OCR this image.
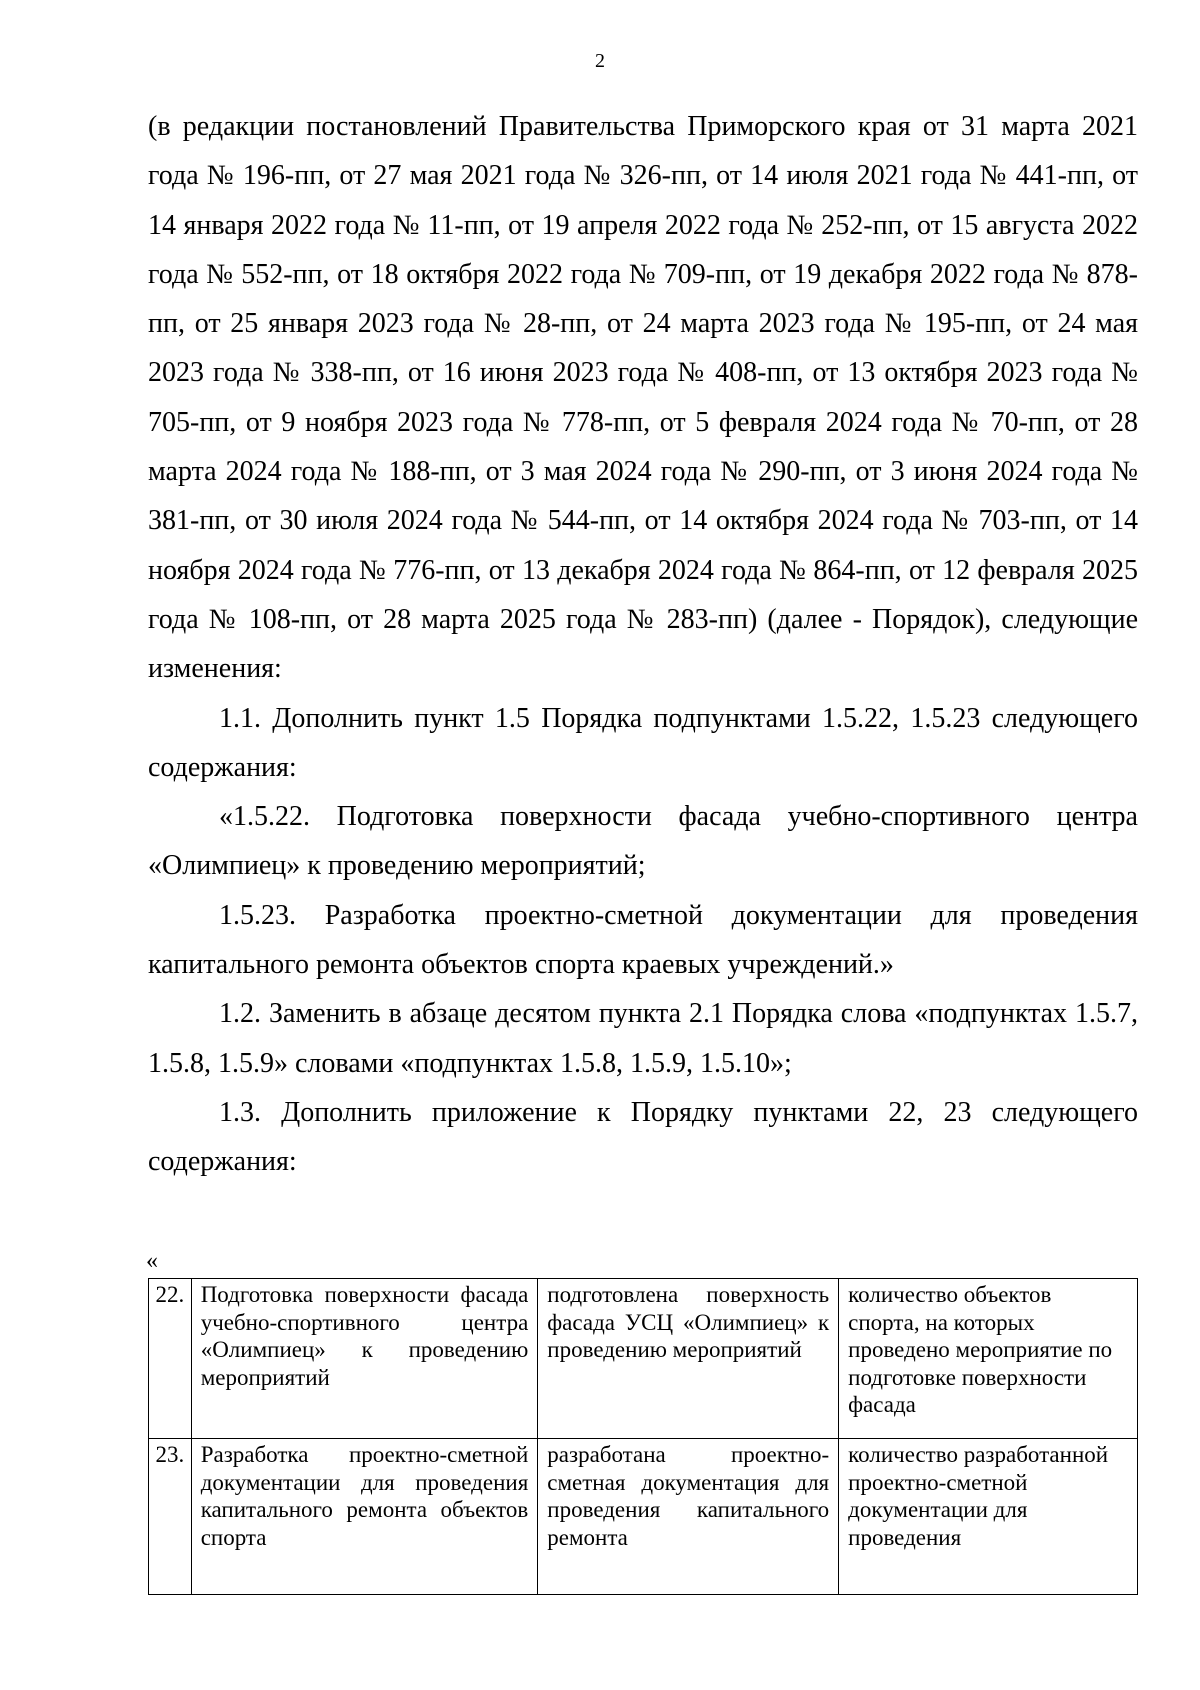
2

(в редакции постановлений Правительства Приморского края от 31 марта 2021 года № 196-пп, от 27 мая 2021 года № 326-пп, от 14 июля 2021 года № 441-пп, от 14 января 2022 года № 11-пп, от 19 апреля 2022 года № 252-пп, от 15 августа 2022 года № 552-пп, от 18 октября 2022 года № 709-пп, от 19 декабря 2022 года № 878-пп, от 25 января 2023 года № 28-пп, от 24 марта 2023 года № 195-пп, от 24 мая 2023 года № 338-пп, от 16 июня 2023 года № 408-пп, от 13 октября 2023 года № 705-пп, от 9 ноября 2023 года № 778-пп, от 5 февраля 2024 года № 70-пп, от 28 марта 2024 года № 188-пп, от 3 мая 2024 года № 290-пп, от 3 июня 2024 года № 381-пп, от 30 июля 2024 года № 544-пп, от 14 октября 2024 года № 703-пп, от 14 ноября 2024 года № 776-пп, от 13 декабря 2024 года № 864-пп, от 12 февраля 2025 года № 108-пп, от 28 марта 2025 года № 283-пп) (далее - Порядок), следующие изменения:

1.1. Дополнить пункт 1.5 Порядка подпунктами 1.5.22, 1.5.23 следующего содержания:

«1.5.22. Подготовка поверхности фасада учебно-спортивного центра «Олимпиец» к проведению мероприятий;

1.5.23. Разработка проектно-сметной документации для проведения капитального ремонта объектов спорта краевых учреждений.»

1.2. Заменить в абзаце десятом пункта 2.1 Порядка слова «подпунктах 1.5.7, 1.5.8, 1.5.9» словами «подпунктах 1.5.8, 1.5.9, 1.5.10»;

1.3. Дополнить приложение к Порядку пунктами 22, 23 следующего содержания:

«
22.	Подготовка поверхности фасада учебно-спортивного центра «Олимпиец» к проведению мероприятий	подготовлена поверхность фасада УСЦ «Олимпиец» к проведению мероприятий	количество объектов спорта, на которых проведено мероприятие по подготовке поверхности фасада
23.	Разработка проектно-сметной документации для проведения капитального ремонта объектов спорта	разработана проектно-сметная документация для проведения капитального ремонта	количество разработанной проектно-сметной документации для проведения
